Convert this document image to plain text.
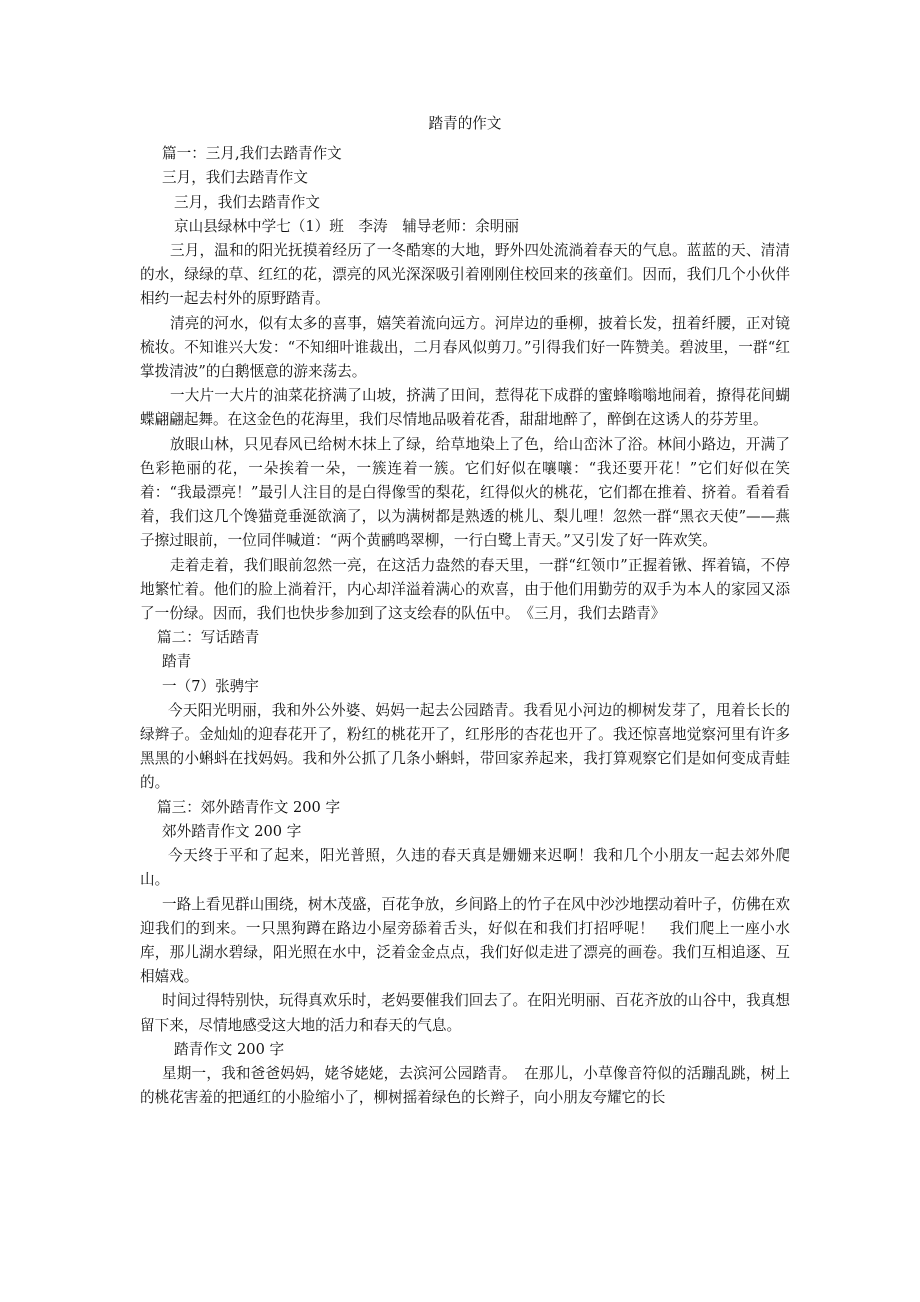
踏青的作文

篇一：三月,我们去踏青作文

三月，我们去踏青作文

三月，我们去踏青作文

京山县绿林中学七（1）班　李涛　辅导老师：余明丽

三月，温和的阳光抚摸着经历了一冬酷寒的大地，野外四处流淌着春天的气息。蓝蓝的天、清清的水，绿绿的草、红红的花，漂亮的风光深深吸引着刚刚住校回来的孩童们。因而，我们几个小伙伴相约一起去村外的原野踏青。

清亮的河水，似有太多的喜事，嬉笑着流向远方。河岸边的垂柳，披着长发，扭着纤腰，正对镜梳妆。不知谁兴大发：“不知细叶谁裁出，二月春风似剪刀。”引得我们好一阵赞美。碧波里，一群“红掌拨清波”的白鹅惬意的游来荡去。

一大片一大片的油菜花挤满了山坡，挤满了田间，惹得花下成群的蜜蜂嗡嗡地闹着，撩得花间蝴蝶翩翩起舞。在这金色的花海里，我们尽情地品吸着花香，甜甜地醉了，醉倒在这诱人的芬芳里。

放眼山林，只见春风已给树木抹上了绿，给草地染上了色，给山峦沐了浴。林间小路边，开满了色彩艳丽的花，一朵挨着一朵，一簇连着一簇。它们好似在嚷嚷：“我还要开花！”它们好似在笑着：“我最漂亮！”最引人注目的是白得像雪的梨花，红得似火的桃花，它们都在推着、挤着。看着看着，我们这几个馋猫竟垂涎欲滴了，以为满树都是熟透的桃儿、梨儿哩！忽然一群“黑衣天使”——燕子擦过眼前，一位同伴喊道：“两个黄鹂鸣翠柳，一行白鹭上青天。”又引发了好一阵欢笑。

走着走着，我们眼前忽然一亮，在这活力盎然的春天里，一群“红领巾”正握着锹、挥着镐，不停地繁忙着。他们的脸上淌着汗，内心却洋溢着满心的欢喜，由于他们用勤劳的双手为本人的家园又添了一份绿。因而，我们也快步参加到了这支绘春的队伍中。　《三月，我们去踏青》

篇二：写话踏青

踏青

一（7）张骋宇

今天阳光明丽，我和外公外婆、妈妈一起去公园踏青。我看见小河边的柳树发芽了，甩着长长的绿辫子。金灿灿的迎春花开了，粉红的桃花开了，红彤彤的杏花也开了。我还惊喜地觉察河里有许多黑黑的小蝌蚪在找妈妈。我和外公抓了几条小蝌蚪，带回家养起来，我打算观察它们是如何变成青蛙的。

篇三：郊外踏青作文 200 字

郊外踏青作文 200 字

今天终于平和了起来，阳光普照，久违的春天真是姗姗来迟啊！我和几个小朋友一起去郊外爬山。

一路上看见群山围绕，树木茂盛，百花争放，乡间路上的竹子在风中沙沙地摆动着叶子，仿佛在欢迎我们的到来。一只黑狗蹲在路边小屋旁舔着舌头，好似在和我们打招呼呢！　我们爬上一座小水库，那儿湖水碧绿，阳光照在水中，泛着金金点点，我们好似走进了漂亮的画卷。我们互相追逐、互相嬉戏。

时间过得特别快，玩得真欢乐时，老妈要催我们回去了。在阳光明丽、百花齐放的山谷中，我真想留下来，尽情地感受这大地的活力和春天的气息。

踏青作文 200 字

星期一，我和爸爸妈妈，姥爷姥姥，去滨河公园踏青。　在那儿，小草像音符似的活蹦乱跳，树上的桃花害羞的把通红的小脸缩小了，柳树摇着绿色的长辫子，向小朋友夸耀它的长
